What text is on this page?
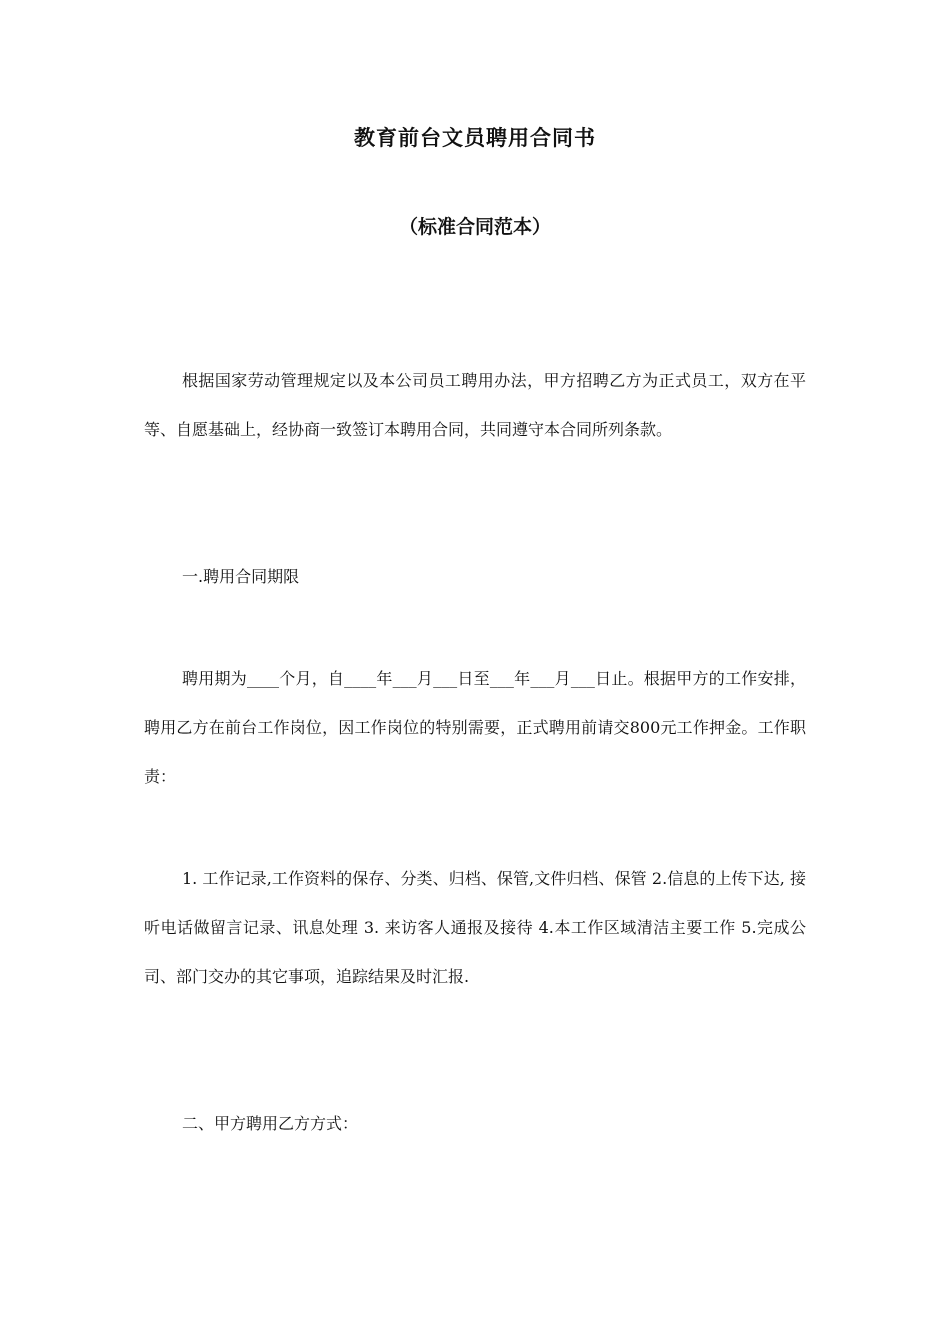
教育前台文员聘用合同书
（标准合同范本）

根据国家劳动管理规定以及本公司员工聘用办法，甲方招聘乙方为正式员工，双方在平等、自愿基础上，经协商一致签订本聘用合同，共同遵守本合同所列条款。

一.聘用合同期限

聘用期为____个月，自____年___月___日至___年___月___日止。根据甲方的工作安排，聘用乙方在前台工作岗位，因工作岗位的特别需要，正式聘用前请交800元工作押金。工作职责：

1. 工作记录,工作资料的保存、分类、归档、保管,文件归档、保管 2.信息的上传下达, 接听电话做留言记录、讯息处理 3. 来访客人通报及接待 4.本工作区域清洁主要工作 5.完成公司、部门交办的其它事项，追踪结果及时汇报.

二、甲方聘用乙方方式：
